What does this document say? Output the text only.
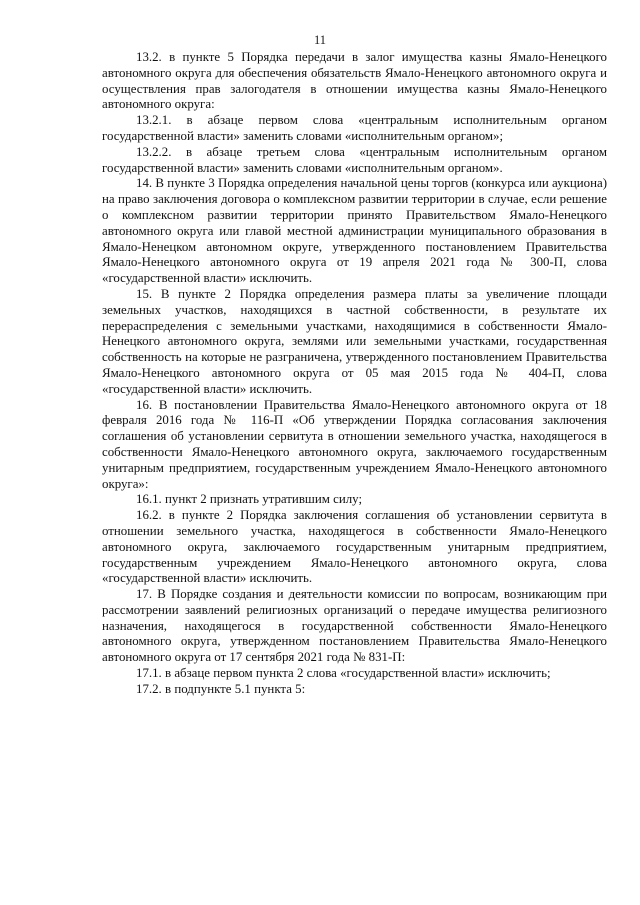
11

13.2. в пункте 5 Порядка передачи в залог имущества казны Ямало-Ненецкого автономного округа для обеспечения обязательств Ямало-Ненецкого автономного округа и осуществления прав залогодателя в отношении имущества казны Ямало-Ненецкого автономного округа:

13.2.1. в абзаце первом слова «центральным исполнительным органом государственной власти» заменить словами «исполнительным органом»;

13.2.2. в абзаце третьем слова «центральным исполнительным органом государственной власти» заменить словами «исполнительным органом».

14. В пункте 3 Порядка определения начальной цены торгов (конкурса или аукциона) на право заключения договора о комплексном развитии территории в случае, если решение о комплексном развитии территории принято Правительством Ямало-Ненецкого автономного округа или главой местной администрации муниципального образования в Ямало-Ненецком автономном округе, утвержденного постановлением Правительства Ямало-Ненецкого автономного округа от 19 апреля 2021 года № 300-П, слова «государственной власти» исключить.

15. В пункте 2 Порядка определения размера платы за увеличение площади земельных участков, находящихся в частной собственности, в результате их перераспределения с земельными участками, находящимися в собственности Ямало-Ненецкого автономного округа, землями или земельными участками, государственная собственность на которые не разграничена, утвержденного постановлением Правительства Ямало-Ненецкого автономного округа от 05 мая 2015 года № 404-П, слова «государственной власти» исключить.

16. В постановлении Правительства Ямало-Ненецкого автономного округа от 18 февраля 2016 года № 116-П «Об утверждении Порядка согласования заключения соглашения об установлении сервитута в отношении земельного участка, находящегося в собственности Ямало-Ненецкого автономного округа, заключаемого государственным унитарным предприятием, государственным учреждением Ямало-Ненецкого автономного округа»:

16.1. пункт 2 признать утратившим силу;

16.2. в пункте 2 Порядка заключения соглашения об установлении сервитута в отношении земельного участка, находящегося в собственности Ямало-Ненецкого автономного округа, заключаемого государственным унитарным предприятием, государственным учреждением Ямало-Ненецкого автономного округа, слова «государственной власти» исключить.

17. В Порядке создания и деятельности комиссии по вопросам, возникающим при рассмотрении заявлений религиозных организаций о передаче имущества религиозного назначения, находящегося в государственной собственности Ямало-Ненецкого автономного округа, утвержденном постановлением Правительства Ямало-Ненецкого автономного округа от 17 сентября 2021 года № 831-П:

17.1. в абзаце первом пункта 2 слова «государственной власти» исключить;

17.2. в подпункте 5.1 пункта 5:
